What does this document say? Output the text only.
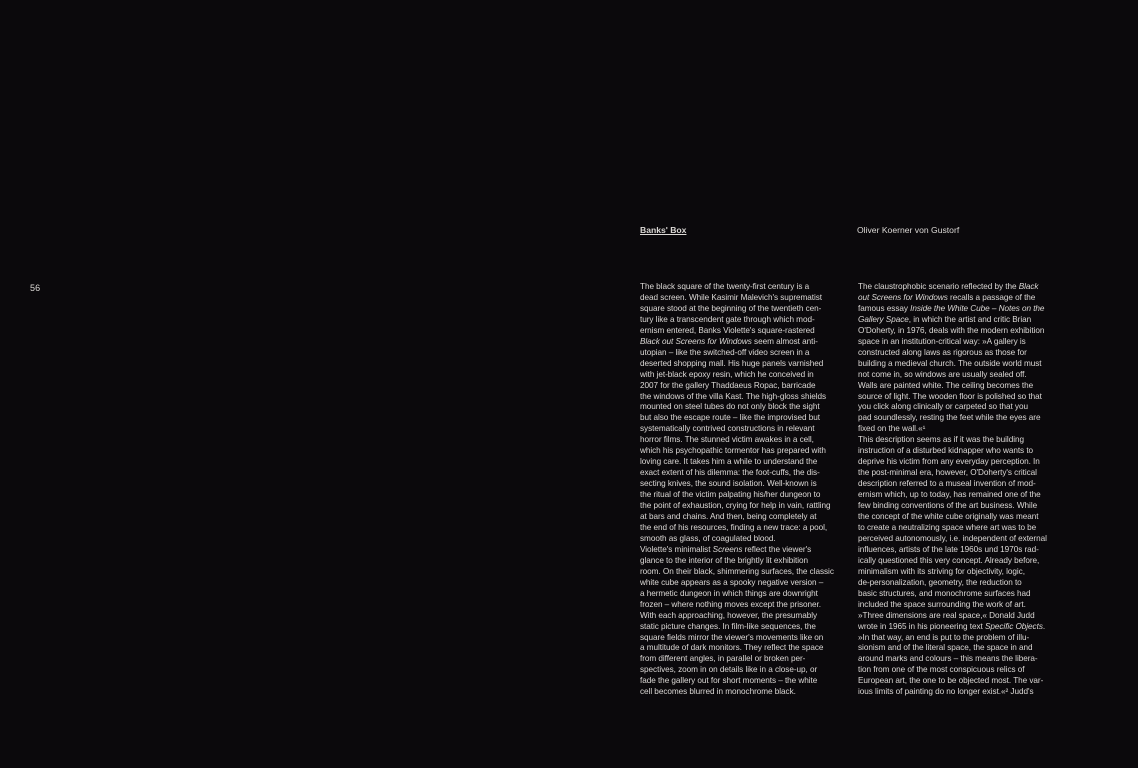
56
Banks' Box	Oliver Koerner von Gustorf
The black square of the twenty-first century is a
dead screen. While Kasimir Malevich's suprematist
square stood at the beginning of the twentieth cen-
tury like a transcendent gate through which mod-
ernism entered, Banks Violette's square-rastered
Black out Screens for Windows seem almost anti-
utopian – like the switched-off video screen in a
deserted shopping mall. His huge panels varnished
with jet-black epoxy resin, which he conceived in
2007 for the gallery Thaddaeus Ropac, barricade
the windows of the villa Kast. The high-gloss shields
mounted on steel tubes do not only block the sight
but also the escape route – like the improvised but
systematically contrived constructions in relevant
horror films. The stunned victim awakes in a cell,
which his psychopathic tormentor has prepared with
loving care. It takes him a while to understand the
exact extent of his dilemma: the foot-cuffs, the dis-
secting knives, the sound isolation. Well-known is
the ritual of the victim palpating his/her dungeon to
the point of exhaustion, crying for help in vain, rattling
at bars and chains. And then, being completely at
the end of his resources, finding a new trace: a pool,
smooth as glass, of coagulated blood.
Violette's minimalist Screens reflect the viewer's
glance to the interior of the brightly lit exhibition
room. On their black, shimmering surfaces, the classic
white cube appears as a spooky negative version –
a hermetic dungeon in which things are downright
frozen – where nothing moves except the prisoner.
With each approaching, however, the presumably
static picture changes. In film-like sequences, the
square fields mirror the viewer's movements like on
a multitude of dark monitors. They reflect the space
from different angles, in parallel or broken per-
spectives, zoom in on details like in a close-up, or
fade the gallery out for short moments – the white
cell becomes blurred in monochrome black.
The claustrophobic scenario reflected by the Black
out Screens for Windows recalls a passage of the
famous essay Inside the White Cube – Notes on the
Gallery Space, in which the artist and critic Brian
O'Doherty, in 1976, deals with the modern exhibition
space in an institution-critical way: »A gallery is
constructed along laws as rigorous as those for
building a medieval church. The outside world must
not come in, so windows are usually sealed off.
Walls are painted white. The ceiling becomes the
source of light. The wooden floor is polished so that
you click along clinically or carpeted so that you
pad soundlessly, resting the feet while the eyes are
fixed on the wall.«¹
This description seems as if it was the building
instruction of a disturbed kidnapper who wants to
deprive his victim from any everyday perception. In
the post-minimal era, however, O'Doherty's critical
description referred to a museal invention of mod-
ernism which, up to today, has remained one of the
few binding conventions of the art business. While
the concept of the white cube originally was meant
to create a neutralizing space where art was to be
perceived autonomously, i.e. independent of external
influences, artists of the late 1960s und 1970s rad-
ically questioned this very concept. Already before,
minimalism with its striving for objectivity, logic,
de-personalization, geometry, the reduction to
basic structures, and monochrome surfaces had
included the space surrounding the work of art.
»Three dimensions are real space,« Donald Judd
wrote in 1965 in his pioneering text Specific Objects.
»In that way, an end is put to the problem of illu-
sionism and of the literal space, the space in and
around marks and colours – this means the libera-
tion from one of the most conspicuous relics of
European art, the one to be objected most. The var-
ious limits of painting do no longer exist.«² Judd's
